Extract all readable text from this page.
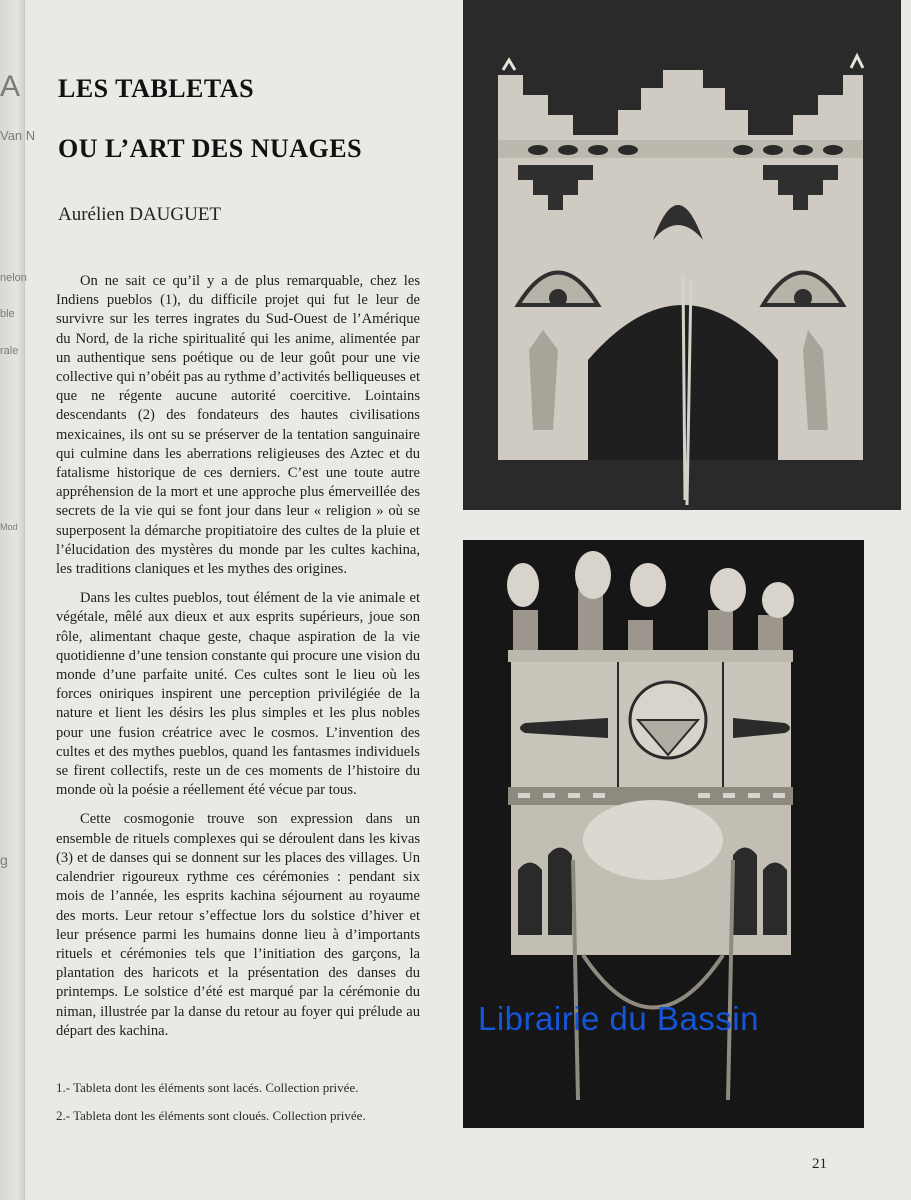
A
Van N
nelon
ble
rale
Mod
g
LES TABLETAS
OU L’ART DES NUAGES
Aurélien DAUGUET

On ne sait ce qu’il y a de plus remarquable, chez les Indiens pueblos (1), du difficile projet qui fut le leur de survivre sur les terres ingrates du Sud-Ouest de l’Amérique du Nord, de la riche spiritualité qui les anime, alimentée par un authentique sens poétique ou de leur goût pour une vie collective qui n’obéit pas au rythme d’activités belliqueuses et que ne régente aucune autorité coercitive. Lointains descendants (2) des fondateurs des hautes civilisations mexicaines, ils ont su se préserver de la tentation sanguinaire qui culmine dans les aberrations religieuses des Aztec et du fatalisme historique de ces derniers. C’est une toute autre appréhension de la mort et une approche plus émerveillée des secrets de la vie qui se font jour dans leur « religion » où se superposent la démarche propitiatoire des cultes de la pluie et l’élucidation des mystères du monde par les cultes kachina, les traditions claniques et les mythes des origines.

Dans les cultes pueblos, tout élément de la vie animale et végétale, mêlé aux dieux et aux esprits supérieurs, joue son rôle, alimentant chaque geste, chaque aspiration de la vie quotidienne d’une tension constante qui procure une vision du monde d’une parfaite unité. Ces cultes sont le lieu où les forces oniriques inspirent une perception privilégiée de la nature et lient les désirs les plus simples et les plus nobles pour une fusion créatrice avec le cosmos. L’invention des cultes et des mythes pueblos, quand les fantasmes individuels se firent collectifs, reste un de ces moments de l’histoire du monde où la poésie a réellement été vécue par tous.

Cette cosmogonie trouve son expression dans un ensemble de rituels complexes qui se déroulent dans les kivas (3) et de danses qui se donnent sur les places des villages. Un calendrier rigoureux rythme ces cérémonies : pendant six mois de l’année, les esprits kachina séjournent au royaume des morts. Leur retour s’effectue lors du solstice d’hiver et leur présence parmi les humains donne lieu à d’importants rituels et cérémonies tels que l’initiation des garçons, la plantation des haricots et la présentation des danses du printemps. Le solstice d’été est marqué par la cérémonie du niman, illustrée par la danse du retour au foyer qui prélude au départ des kachina.

1.- Tableta dont les éléments sont lacés. Collection privée.
2.- Tableta dont les éléments sont cloués. Collection privée.
Librairie du Bassin
21
